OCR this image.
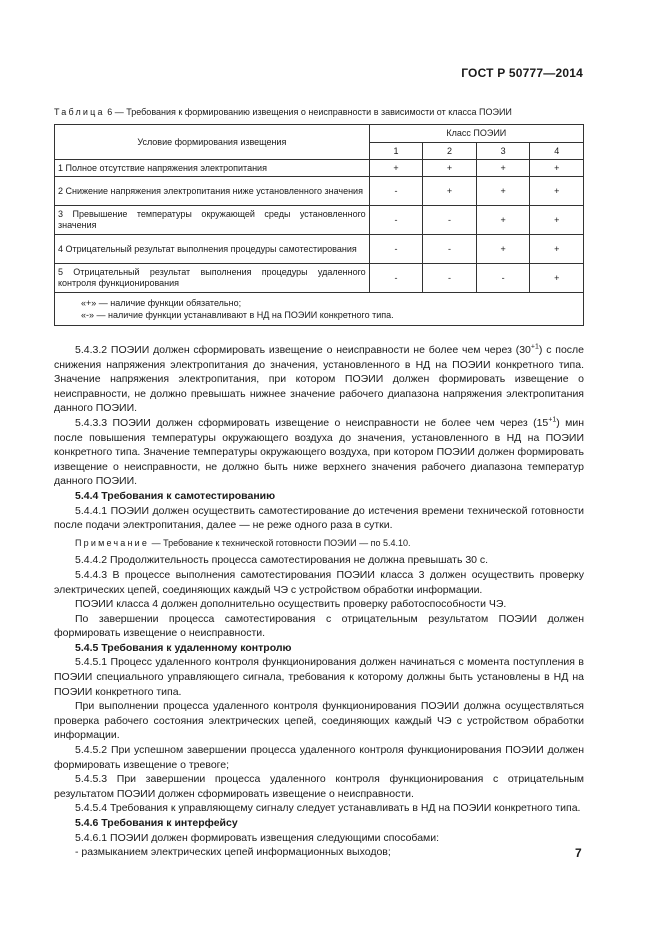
ГОСТ Р 50777—2014
Таблица 6 — Требования к формированию извещения о неисправности в зависимости от класса ПОЭИИ
Условие формирования извещения	Класс ПОЭИИ			
	1	2	3	4
1 Полное отсутствие напряжения электропитания	+	+	+	+
2 Снижение напряжения электропитания ниже установленного значения	-	+	+	+
3 Превышение температуры окружающей среды установленного значения	-	-	+	+
4 Отрицательный результат выполнения процедуры самотестирования	-	-	+	+
5 Отрицательный результат выполнения процедуры удаленного контроля функционирования	-	-	-	+

«+» — наличие функции обязательно;
«-» — наличие функции устанавливают в НД на ПОЭИИ конкретного типа.				

5.4.3.2 ПОЭИИ должен сформировать извещение о неисправности не более чем через $(30^{+1})$ с после снижения напряжения электропитания до значения, установленного в НД на ПОЭИИ конкретного типа. Значение напряжения электропитания, при котором ПОЭИИ должен формировать извещение о неисправности, не должно превышать нижнее значение рабочего диапазона напряжения электропитания данного ПОЭИИ.

5.4.3.3 ПОЭИИ должен сформировать извещение о неисправности не более чем через $(15^{+1})$ мин после повышения температуры окружающего воздуха до значения, установленного в НД на ПОЭИИ конкретного типа. Значение температуры окружающего воздуха, при котором ПОЭИИ должен формировать извещение о неисправности, не должно быть ниже верхнего значения рабочего диапазона температур данного ПОЭИИ.

5.4.4 Требования к самотестированию

5.4.4.1 ПОЭИИ должен осуществить самотестирование до истечения времени технической готовности после подачи электропитания, далее — не реже одного раза в сутки.

Примечание — Требование к технической готовности ПОЭИИ — по 5.4.10.

5.4.4.2 Продолжительность процесса самотестирования не должна превышать 30 с.

5.4.4.3 В процессе выполнения самотестирования ПОЭИИ класса 3 должен осуществить проверку электрических цепей, соединяющих каждый ЧЭ с устройством обработки информации.

ПОЭИИ класса 4 должен дополнительно осуществить проверку работоспособности ЧЭ.

По завершении процесса самотестирования с отрицательным результатом ПОЭИИ должен формировать извещение о неисправности.

5.4.5 Требования к удаленному контролю

5.4.5.1 Процесс удаленного контроля функционирования должен начинаться с момента поступления в ПОЭИИ специального управляющего сигнала, требования к которому должны быть установлены в НД на ПОЭИИ конкретного типа.

При выполнении процесса удаленного контроля функционирования ПОЭИИ должна осуществляться проверка рабочего состояния электрических цепей, соединяющих каждый ЧЭ с устройством обработки информации.

5.4.5.2 При успешном завершении процесса удаленного контроля функционирования ПОЭИИ должен формировать извещение о тревоге;

5.4.5.3 При завершении процесса удаленного контроля функционирования с отрицательным результатом ПОЭИИ должен сформировать извещение о неисправности.

5.4.5.4 Требования к управляющему сигналу следует устанавливать в НД на ПОЭИИ конкретного типа.

5.4.6 Требования к интерфейсу

5.4.6.1 ПОЭИИ должен формировать извещения следующими способами:

- размыканием электрических цепей информационных выходов;	7
